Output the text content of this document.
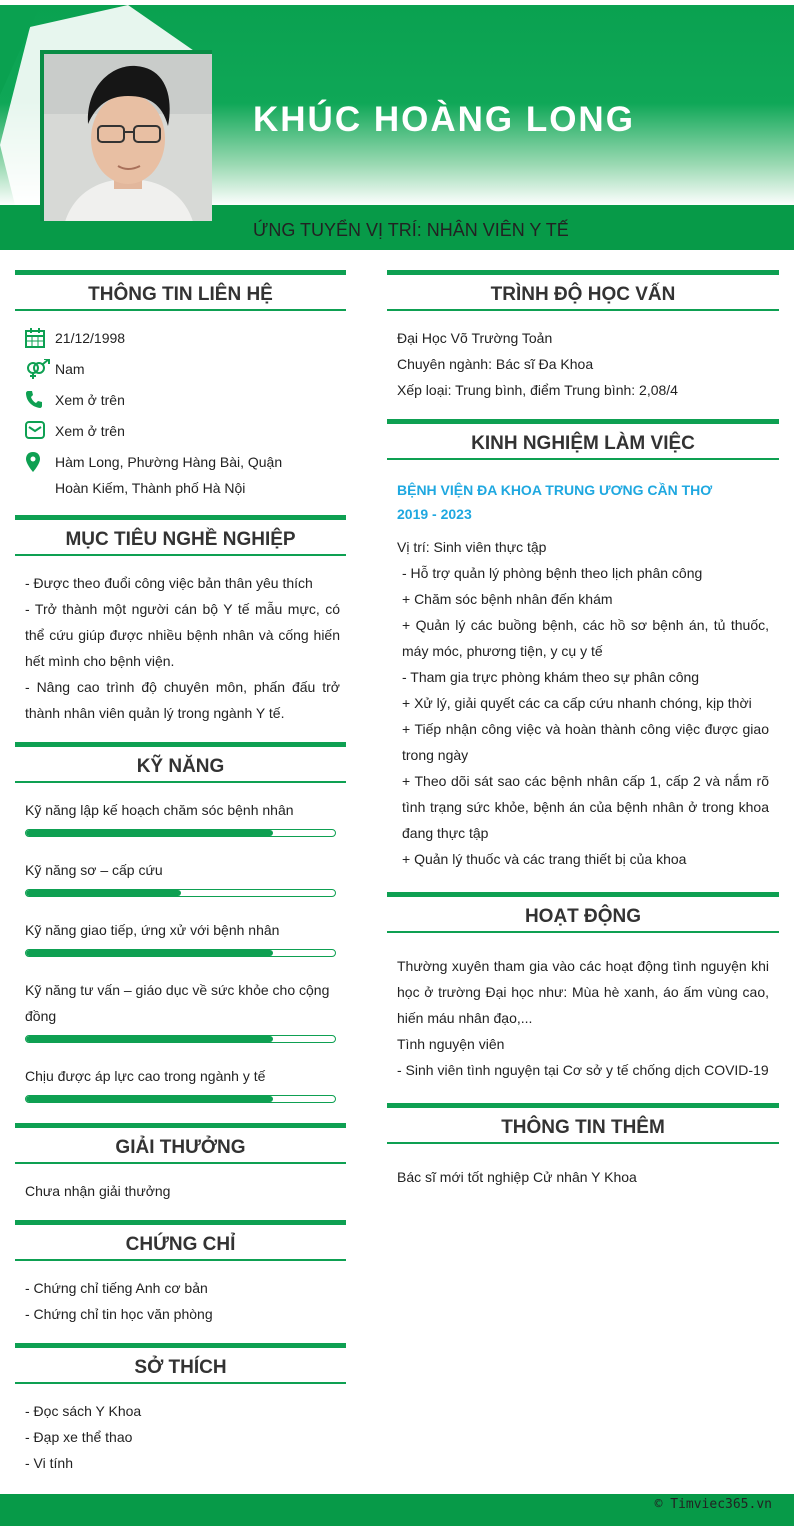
KHÚC HOÀNG LONG
ỨNG TUYỂN VỊ TRÍ: NHÂN VIÊN Y TẾ
THÔNG TIN LIÊN HỆ
21/12/1998
Nam
Xem ở trên
Xem ở trên
Hàm Long, Phường Hàng Bài, Quận Hoàn Kiếm, Thành phố Hà Nội
MỤC TIÊU NGHỀ NGHIỆP
- Được theo đuổi công việc bản thân yêu thích
- Trở thành một người cán bộ Y tế mẫu mực, có thể cứu giúp được nhiều bệnh nhân và cống hiến hết mình cho bệnh viện.
- Nâng cao trình độ chuyên môn, phấn đấu trở thành nhân viên quản lý trong ngành Y tế.
KỸ NĂNG
Kỹ năng lập kế hoạch chăm sóc bệnh nhân
Kỹ năng sơ – cấp cứu
Kỹ năng giao tiếp, ứng xử với bệnh nhân
Kỹ năng tư vấn – giáo dục về sức khỏe cho cộng đồng
Chịu được áp lực cao trong ngành y tế
GIẢI THƯỞNG
Chưa nhận giải thưởng
CHỨNG CHỈ
- Chứng chỉ tiếng Anh cơ bản
- Chứng chỉ tin học văn phòng
SỞ THÍCH
- Đọc sách Y Khoa
- Đạp xe thể thao
- Vi tính
TRÌNH ĐỘ HỌC VẤN
Đại Học Võ Trường Toản
Chuyên ngành: Bác sĩ Đa Khoa
Xếp loại: Trung bình, điểm Trung bình: 2,08/4
KINH NGHIỆM LÀM VIỆC
BỆNH VIỆN ĐA KHOA TRUNG ƯƠNG CẦN THƠ
2019 - 2023
Vị trí: Sinh viên thực tập
- Hỗ trợ quản lý phòng bệnh theo lịch phân công
+ Chăm sóc bệnh nhân đến khám
+ Quản lý các buồng bệnh, các hồ sơ bệnh án, tủ thuốc, máy móc, phương tiện, y cụ y tế
- Tham gia trực phòng khám theo sự phân công
+ Xử lý, giải quyết các ca cấp cứu nhanh chóng, kịp thời
+ Tiếp nhận công việc và hoàn thành công việc được giao trong ngày
+ Theo dõi sát sao các bệnh nhân cấp 1, cấp 2 và nắm rõ tình trạng sức khỏe, bệnh án của bệnh nhân ở trong khoa đang thực tập
+ Quản lý thuốc và các trang thiết bị của khoa
HOẠT ĐỘNG
Thường xuyên tham gia vào các hoạt động tình nguyện khi học ở trường Đại học như: Mùa hè xanh, áo ấm vùng cao, hiến máu nhân đạo,...
Tình nguyện viên
- Sinh viên tình nguyện tại Cơ sở y tế chống dịch COVID-19
THÔNG TIN THÊM
Bác sĩ mới tốt nghiệp Cử nhân Y Khoa
© Timviec365.vn
